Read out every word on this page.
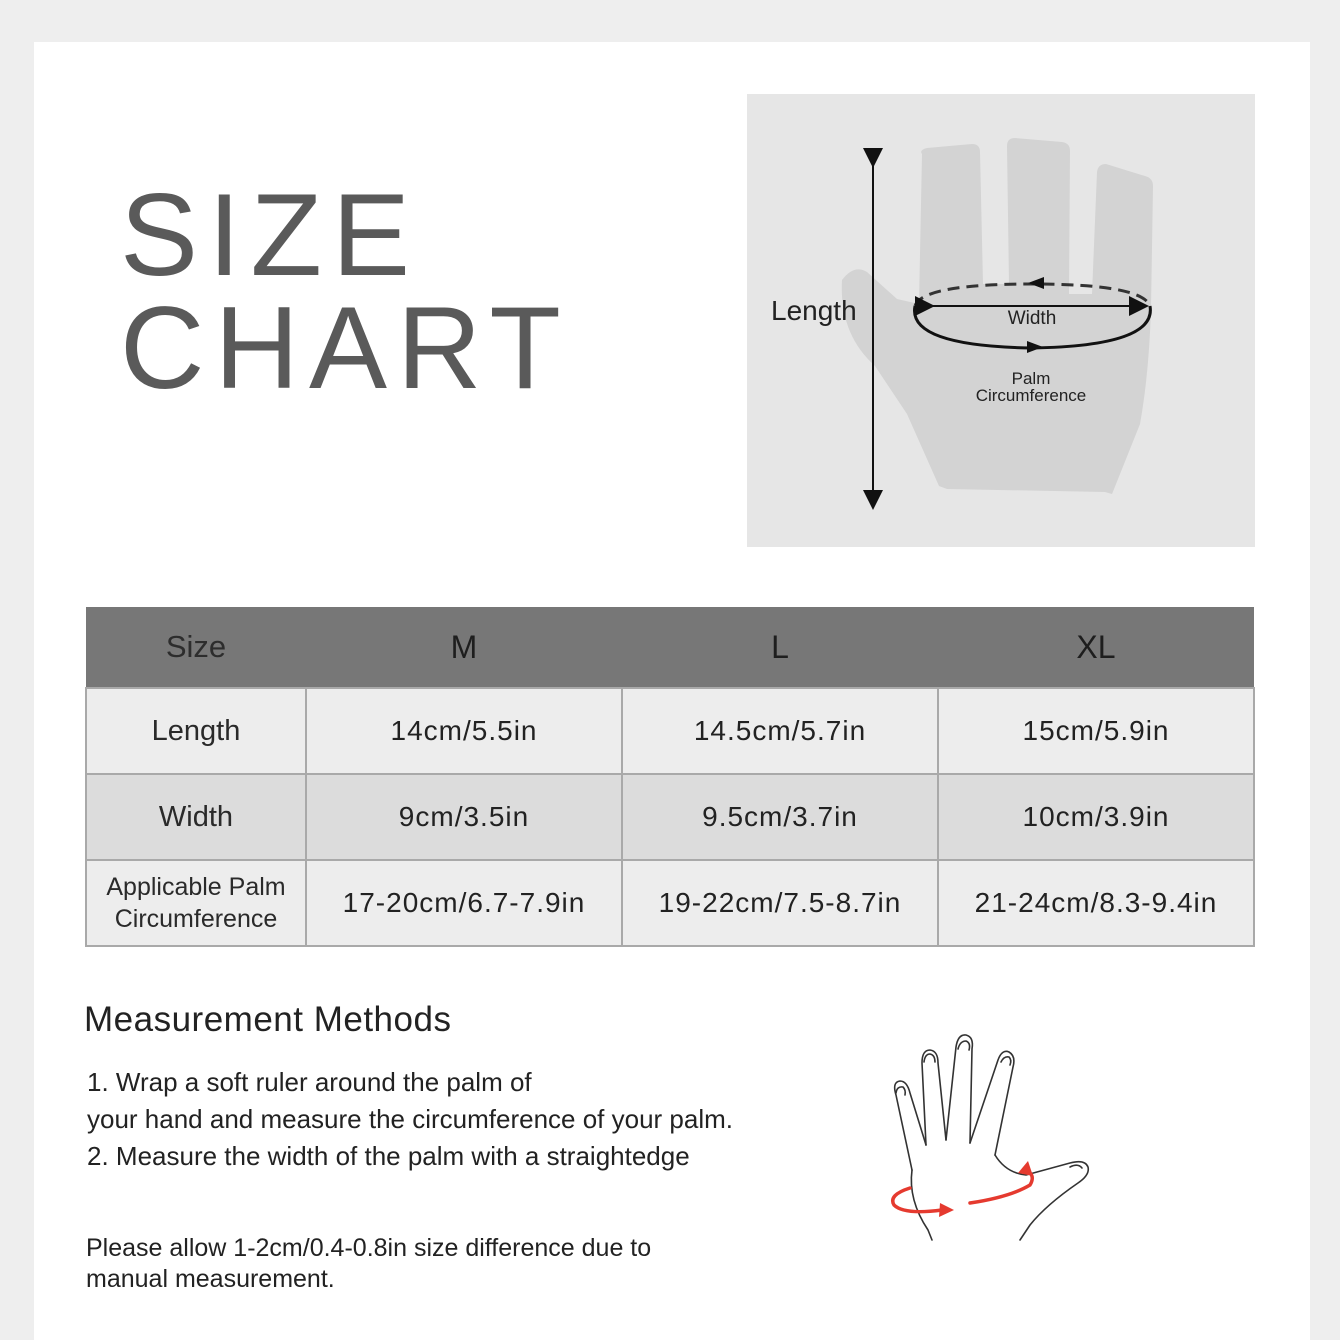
SIZE
CHART	Length	Width
Palm
Circumference
Size	M	L	XL
Length	14cm/5.5in	14.5cm/5.7in	15cm/5.9in
Width	9cm/3.5in	9.5cm/3.7in	10cm/3.9in

Applicable Palm
Circumference	17-20cm/6.7-7.9in	19-22cm/7.5-8.7in	21-24cm/8.3-9.4in
Measurement Methods
1. Wrap a soft ruler around the palm of
your hand and measure the circumference of your palm.
2. Measure the width of the palm with a straightedge
Please allow 1-2cm/0.4-0.8in size difference due to
manual measurement.
